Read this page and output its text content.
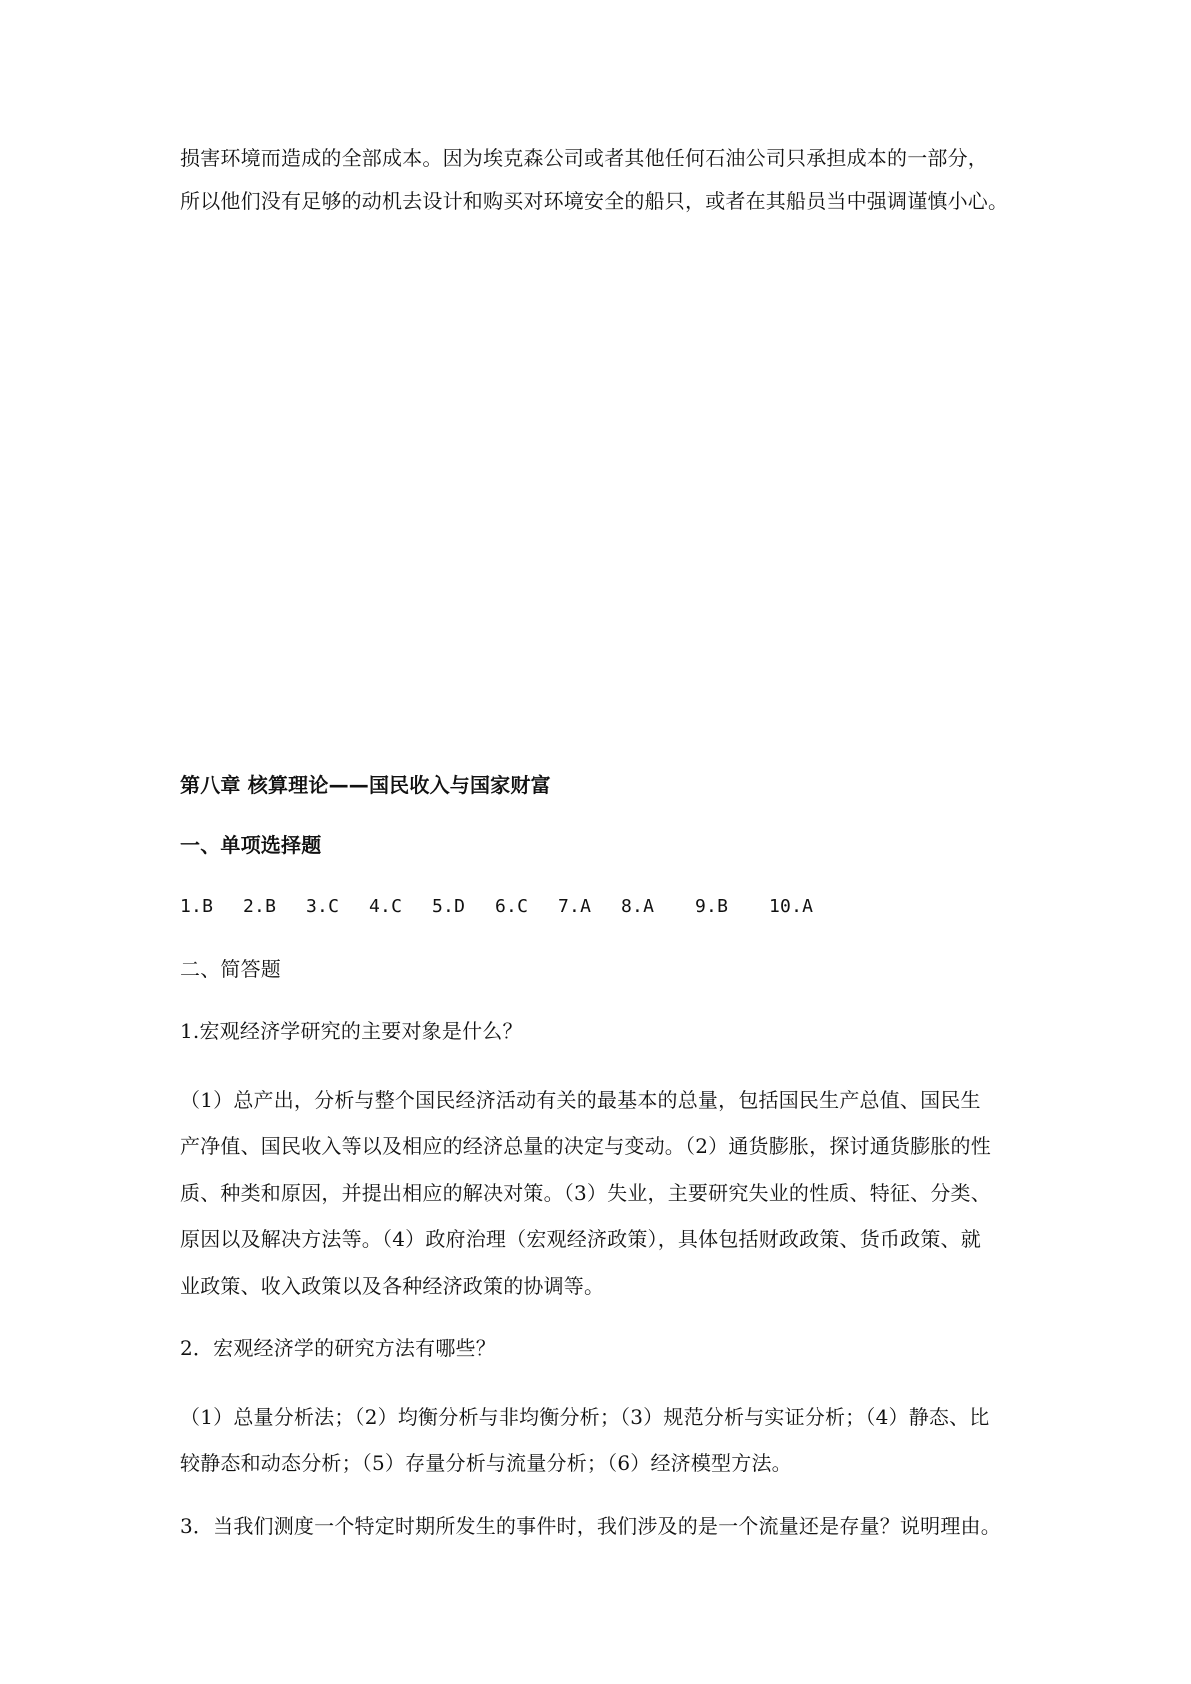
损害环境而造成的全部成本。因为埃克森公司或者其他任何石油公司只承担成本的一部分，
所以他们没有足够的动机去设计和购买对环境安全的船只，或者在其船员当中强调谨慎小心。
第八章 核算理论——国民收入与国家财富
一、单项选择题
1.B	2.B	3.C	4.C	5.D	6.C	7.A	8.A	9.B	10.A
二、简答题
1.宏观经济学研究的主要对象是什么？
（1）总产出，分析与整个国民经济活动有关的最基本的总量，包括国民生产总值、国民生
产净值、国民收入等以及相应的经济总量的决定与变动。（2）通货膨胀，探讨通货膨胀的性
质、种类和原因，并提出相应的解决对策。（3）失业，主要研究失业的性质、特征、分类、
原因以及解决方法等。（4）政府治理（宏观经济政策），具体包括财政政策、货币政策、就
业政策、收入政策以及各种经济政策的协调等。
2．宏观经济学的研究方法有哪些？
（1）总量分析法；（2）均衡分析与非均衡分析；（3）规范分析与实证分析；（4）静态、比
较静态和动态分析；（5）存量分析与流量分析；（6）经济模型方法。
3．当我们测度一个特定时期所发生的事件时，我们涉及的是一个流量还是存量？说明理由。
